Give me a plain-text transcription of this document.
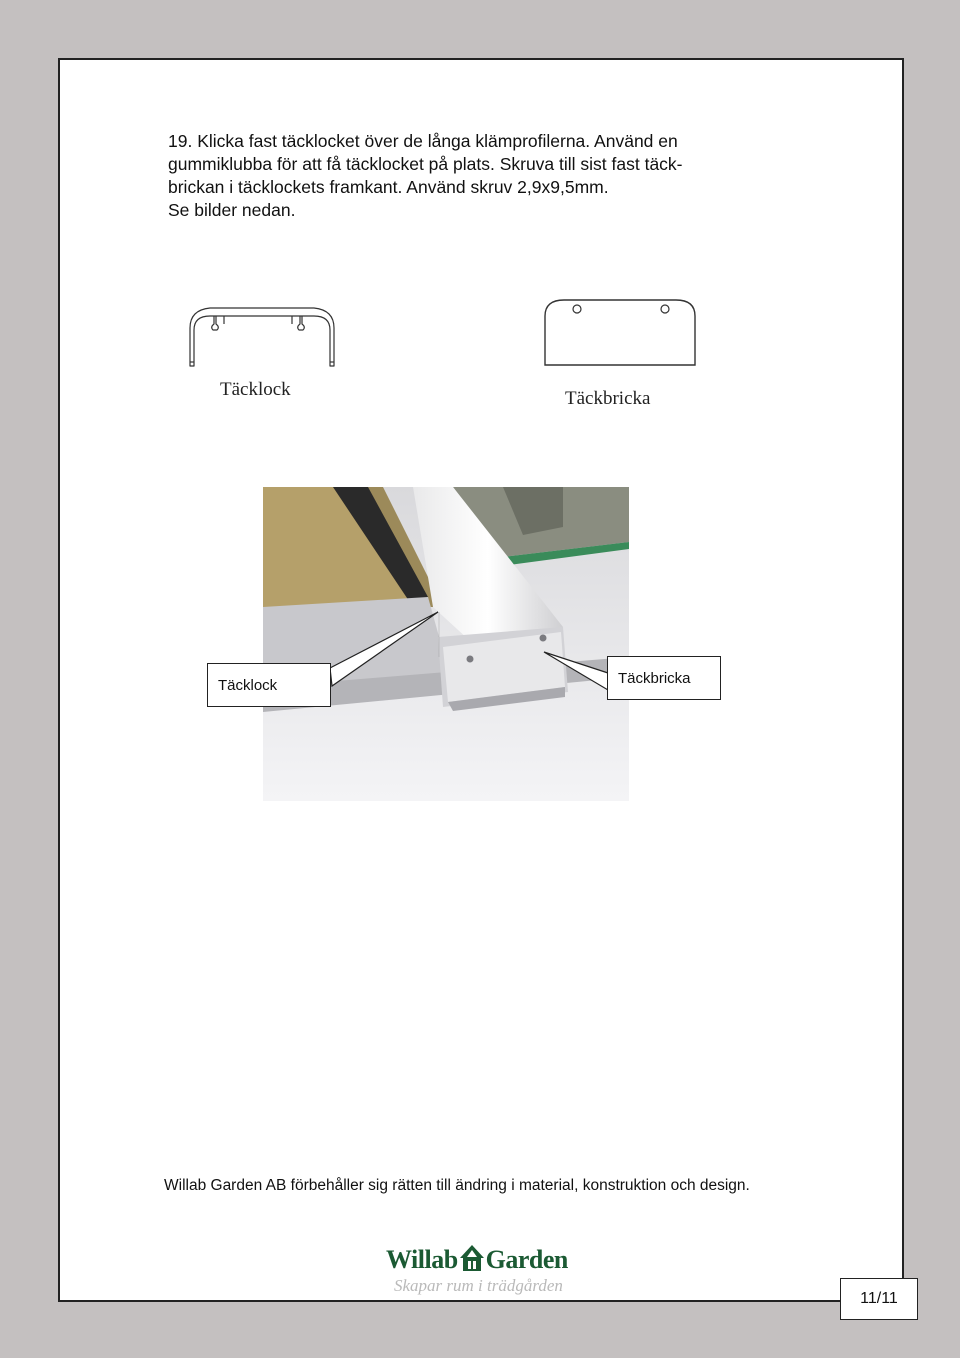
19. Klicka fast täcklocket över de långa klämprofilerna. Använd en
gummiklubba för att få täcklocket på plats. Skruva till sist fast täck-
brickan i täcklockets framkant. Använd skruv 2,9x9,5mm.
Se bilder nedan.

Täcklock	Täckbricka
Täcklock	Täckbricka
Willab Garden AB förbehåller sig rätten till ändring i material, konstruktion och design.
Willab Garden
Skapar rum i trädgården
11/11
